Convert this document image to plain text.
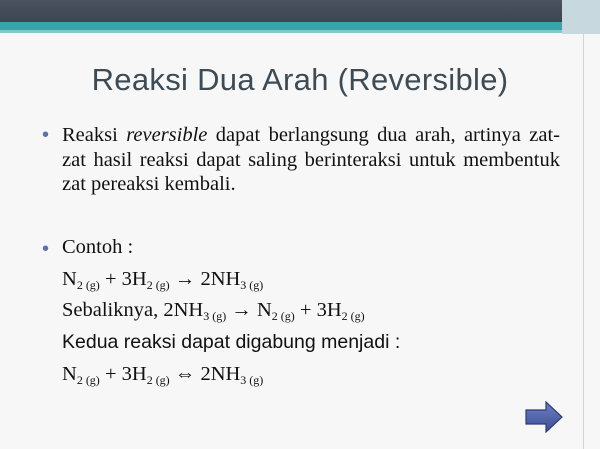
Reaksi Dua Arah (Reversible)
• Reaksi reversible dapat berlangsung dua arah, artinya zat-zat hasil reaksi dapat saling berinteraksi untuk membentuk zat pereaksi kembali.
• Contoh :
$N_{2 (g)} + 3H_{2 (g)} \to 2NH_{3 (g)}$
Sebaliknya, $2NH_{3 (g)} \to N_{2 (g)} + 3H_{2 (g)}$
Kedua reaksi dapat digabung menjadi :
$N_{2 (g)} + 3H_{2 (g)}$ ⇔ $2NH_{3 (g)}$
